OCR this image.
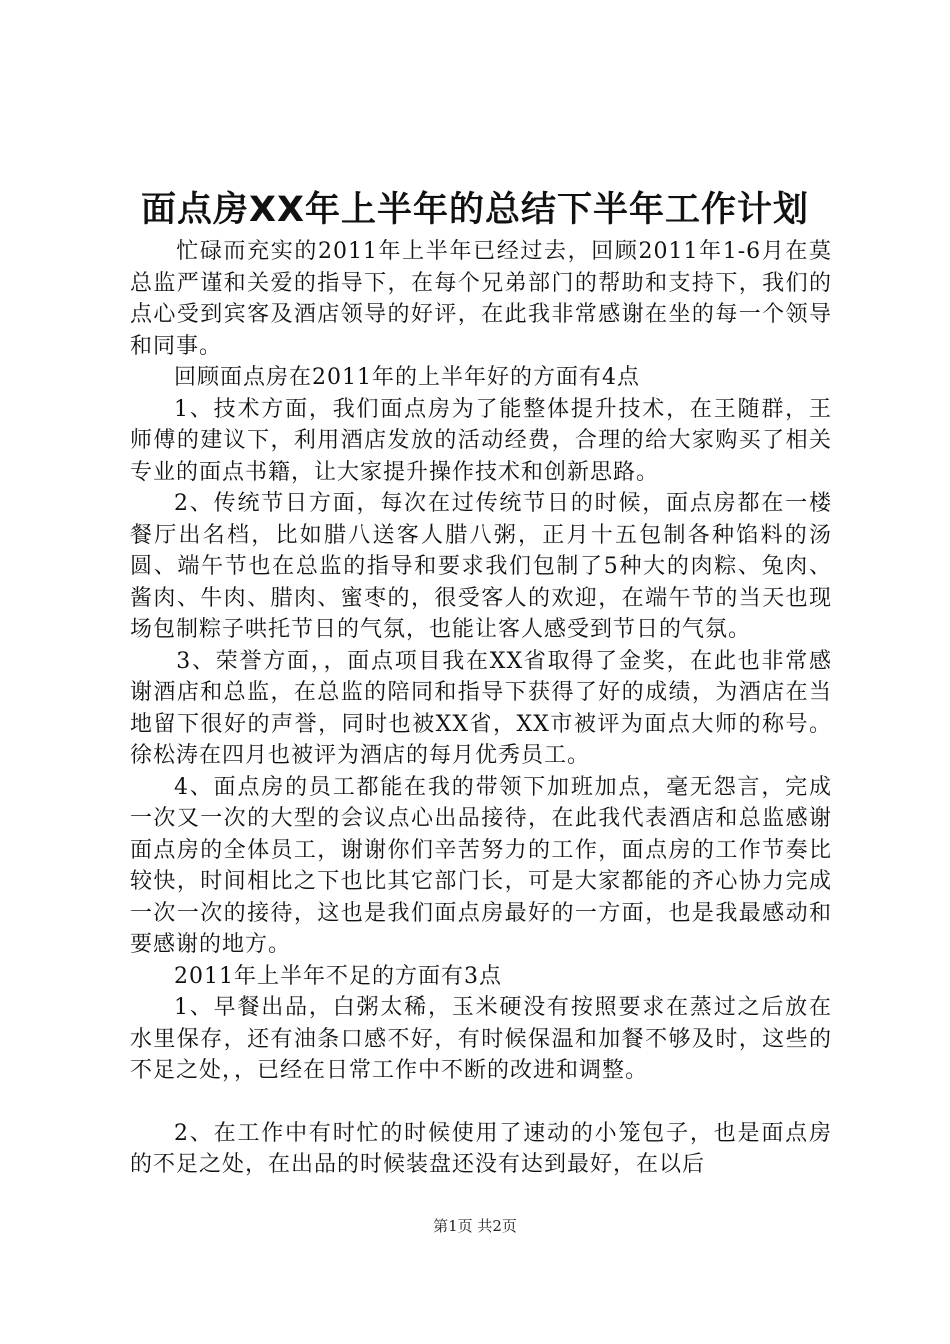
面点房XX年上半年的总结下半年工作计划

忙碌而充实的2011年上半年已经过去，回顾2011年1-6月在莫总监严谨和关爱的指导下，在每个兄弟部门的帮助和支持下，我们的点心受到宾客及酒店领导的好评，在此我非常感谢在坐的每一个领导和同事。

回顾面点房在2011年的上半年好的方面有4点

1、技术方面，我们面点房为了能整体提升技术，在王随群，王师傅的建议下，利用酒店发放的活动经费，合理的给大家购买了相关专业的面点书籍，让大家提升操作技术和创新思路。

2、传统节日方面，每次在过传统节日的时候，面点房都在一楼餐厅出名档，比如腊八送客人腊八粥，正月十五包制各种馅料的汤圆、端午节也在总监的指导和要求我们包制了5种大的肉粽、兔肉、酱肉、牛肉、腊肉、蜜枣的，很受客人的欢迎，在端午节的当天也现场包制粽子哄托节日的气氛，也能让客人感受到节日的气氛。

3、荣誉方面，，面点项目我在XX省取得了金奖，在此也非常感谢酒店和总监，在总监的陪同和指导下获得了好的成绩，为酒店在当地留下很好的声誉，同时也被XX省，XX市被评为面点大师的称号。徐松涛在四月也被评为酒店的每月优秀员工。

4、面点房的员工都能在我的带领下加班加点，毫无怨言，完成一次又一次的大型的会议点心出品接待，在此我代表酒店和总监感谢面点房的全体员工，谢谢你们辛苦努力的工作，面点房的工作节奏比较快，时间相比之下也比其它部门长，可是大家都能的齐心协力完成一次一次的接待，这也是我们面点房最好的一方面，也是我最感动和要感谢的地方。

2011年上半年不足的方面有3点

1、早餐出品，白粥太稀，玉米硬没有按照要求在蒸过之后放在水里保存，还有油条口感不好，有时候保温和加餐不够及时，这些的不足之处，，已经在日常工作中不断的改进和调整。

2、在工作中有时忙的时候使用了速动的小笼包子，也是面点房的不足之处，在出品的时候装盘还没有达到最好，在以后

第1页 共2页
